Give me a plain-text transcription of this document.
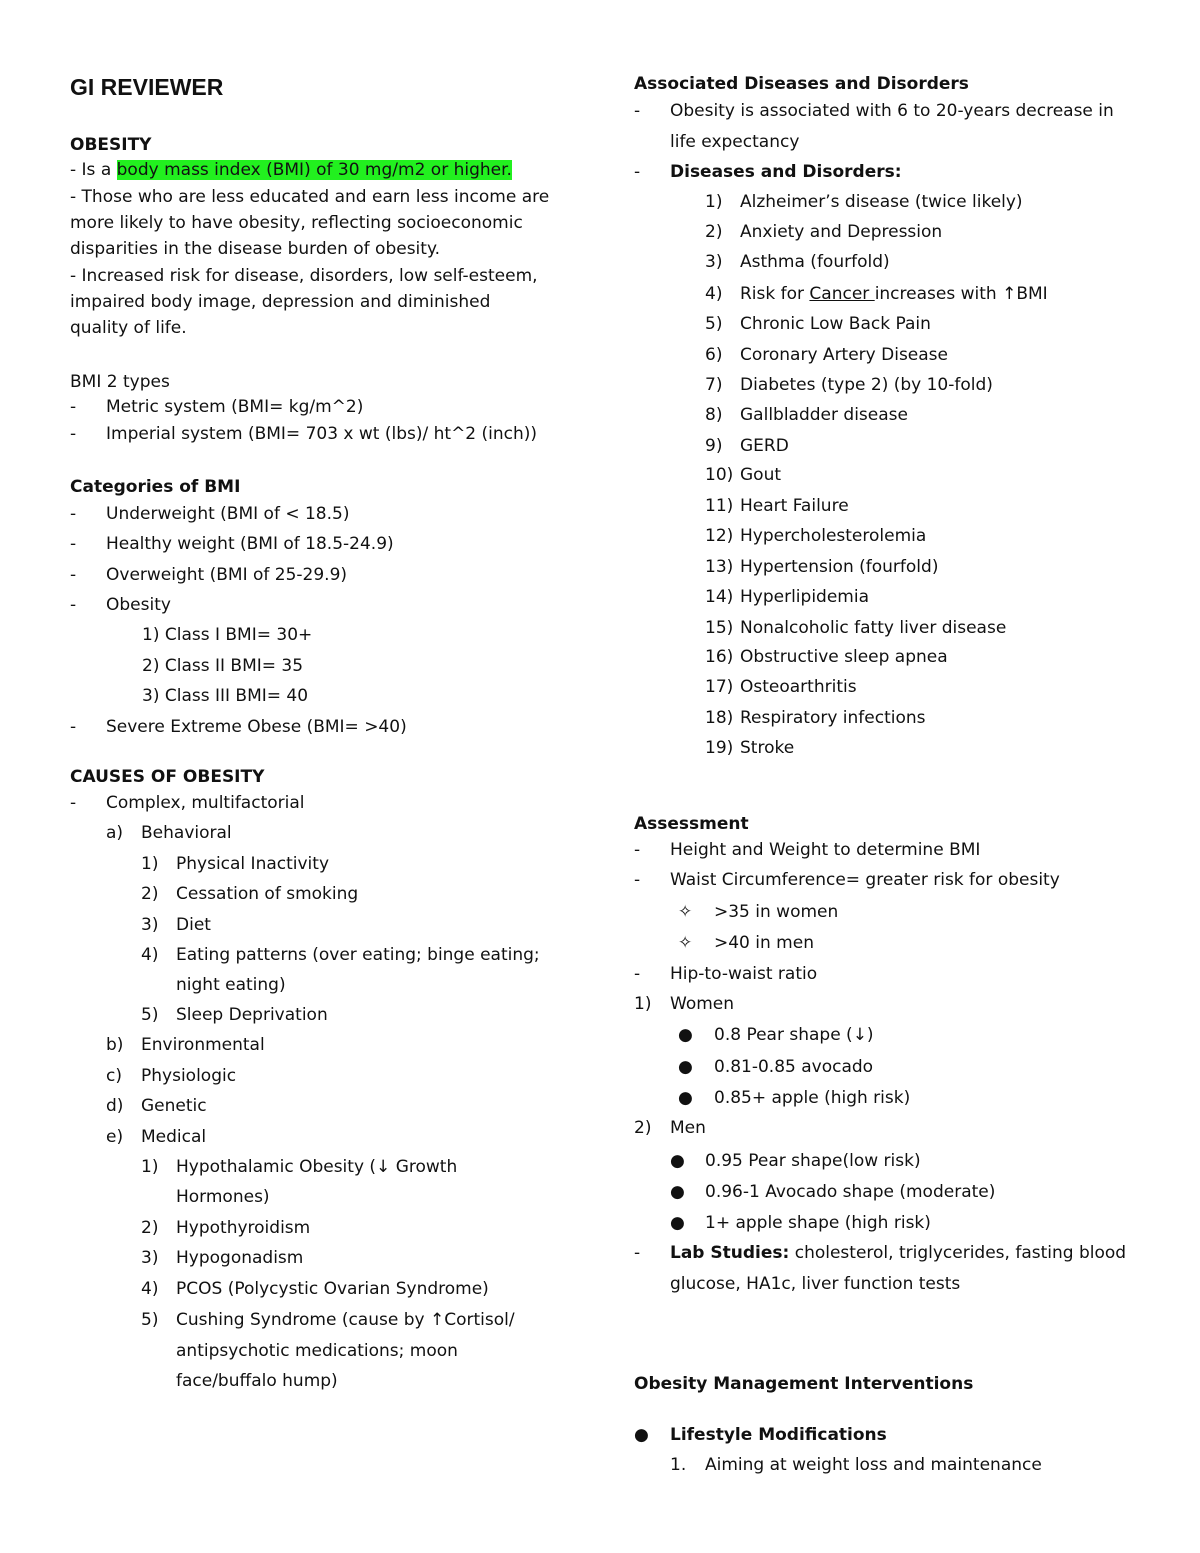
GI REVIEWER
OBESITY
- Is a body mass index (BMI) of 30 mg/m2 or higher.
- Those who are less educated and earn less income are
more likely to have obesity, reflecting socioeconomic
disparities in the disease burden of obesity.
- Increased risk for disease, disorders, low self-esteem,
impaired body image, depression and diminished
quality of life.
BMI 2 types
- Metric system (BMI= kg/m^2)
- Imperial system (BMI= 703 x wt (lbs)/ ht^2 (inch))
Categories of BMI
- Underweight (BMI of < 18.5)
- Healthy weight (BMI of 18.5-24.9)
- Overweight (BMI of 25-29.9)
- Obesity
1) Class I BMI= ​30+
2) Class II BMI= ​35
3) Class III BMI= ​40
- Severe Extreme Obese (BMI= >40)
CAUSES OF OBESITY
- Complex, multifactorial
a) Behavioral
1) Physical Inactivity
2) Cessation of smoking
3) Diet
4) Eating patterns (over eating; binge eating;
night eating)
5) Sleep Deprivation
b) Environmental
c) Physiologic
d) Genetic
e) Medical
1) Hypothalamic Obesity (↓ Growth
Hormones)
2) Hypothyroidism
3) Hypogonadism
4) PCOS (Polycystic Ovarian Syndrome)
5) Cushing Syndrome (cause by ↑Cortisol/
antipsychotic medications; moon
face/buffalo hump)
Associated Diseases and Disorders
- Obesity is associated with 6 to 20-years decrease in
life expectancy
- Diseases and Disorders:
1) Alzheimer’s disease (twice likely)
2) Anxiety and Depression
3) Asthma (fourfold)
4) Risk for Cancer increases with ↑BMI
5) Chronic Low Back Pain
6) Coronary Artery Disease
7) Diabetes (type 2) (by 10-fold)
8) Gallbladder disease
9) GERD
10) Gout
11) Heart Failure
12) Hypercholesterolemia
13) Hypertension (fourfold)
14) Hyperlipidemia
15) Nonalcoholic fatty liver disease
16) Obstructive sleep apnea
17) Osteoarthritis
18) Respiratory infections
19) Stroke
Assessment
- Height and Weight to determine BMI
- Waist Circumference= greater risk for obesity
✧ >35 in women
✧ >40 in men
- Hip-to-waist ratio
1) Women
● 0.8 Pear shape (↓)
● 0.81-0.85 avocado
● 0.85+ apple (high risk)
2) Men
● 0.95 Pear shape(low risk)
● 0.96-1 Avocado shape (moderate)
● 1+ apple shape (high risk)
- Lab Studies: cholesterol, triglycerides, fasting blood
glucose, HA1c, liver function tests
Obesity Management Interventions
● Lifestyle Modifications
1. Aiming at weight loss and maintenance
